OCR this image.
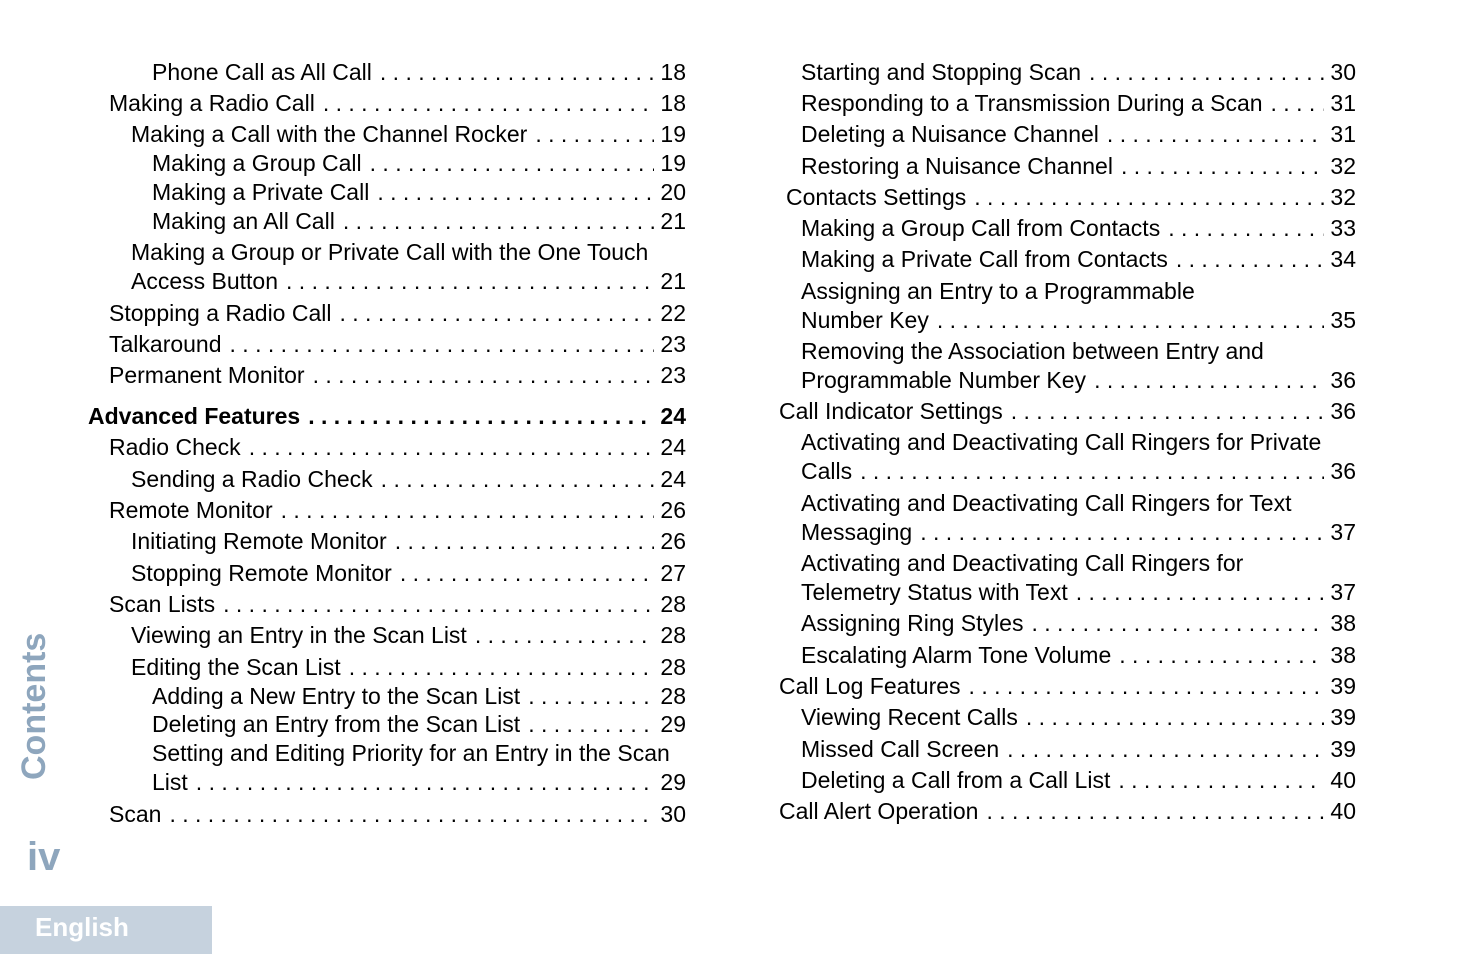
Phone Call as All Call . . .	18
Making a Radio Call . . .	18
Making a Call with the Channel Rocker . . .	19
Making a Group Call . . .	19
Making a Private Call . . .	20
Making an All Call . . .	21
Making a Group or Private Call with the One Touch
Access Button . . .	21
Stopping a Radio Call . . .	22
Talkaround . . .	23
Permanent Monitor . . .	23
Advanced Features . . .	24
Radio Check . . .	24
Sending a Radio Check . . .	24
Remote Monitor . . .	26
Initiating Remote Monitor . . .	26
Stopping Remote Monitor . . .	27
Scan Lists . . .	28
Viewing an Entry in the Scan List . . .	28
Editing the Scan List . . .	28
Adding a New Entry to the Scan List . . .	28
Deleting an Entry from the Scan List . . .	29
Setting and Editing Priority for an Entry in the Scan
List . . .	29
Scan . . .	30
Starting and Stopping Scan . . .	30
Responding to a Transmission During a Scan . . .	31
Deleting a Nuisance Channel . . .	31
Restoring a Nuisance Channel . . .	32
Contacts Settings . . .	32
Making a Group Call from Contacts . . .	33
Making a Private Call from Contacts . . .	34
Assigning an Entry to a Programmable
Number Key . . .	35
Removing the Association between Entry and
Programmable Number Key . . .	36
Call Indicator Settings . . .	36
Activating and Deactivating Call Ringers for Private
Calls . . .	36
Activating and Deactivating Call Ringers for Text
Messaging . . .	37
Activating and Deactivating Call Ringers for
Telemetry Status with Text . . .	37
Assigning Ring Styles . . .	38
Escalating Alarm Tone Volume . . .	38
Call Log Features . . .	39
Viewing Recent Calls . . .	39
Missed Call Screen . . .	39
Deleting a Call from a Call List . . .	40
Call Alert Operation . . .	40
Contents
iv
English
